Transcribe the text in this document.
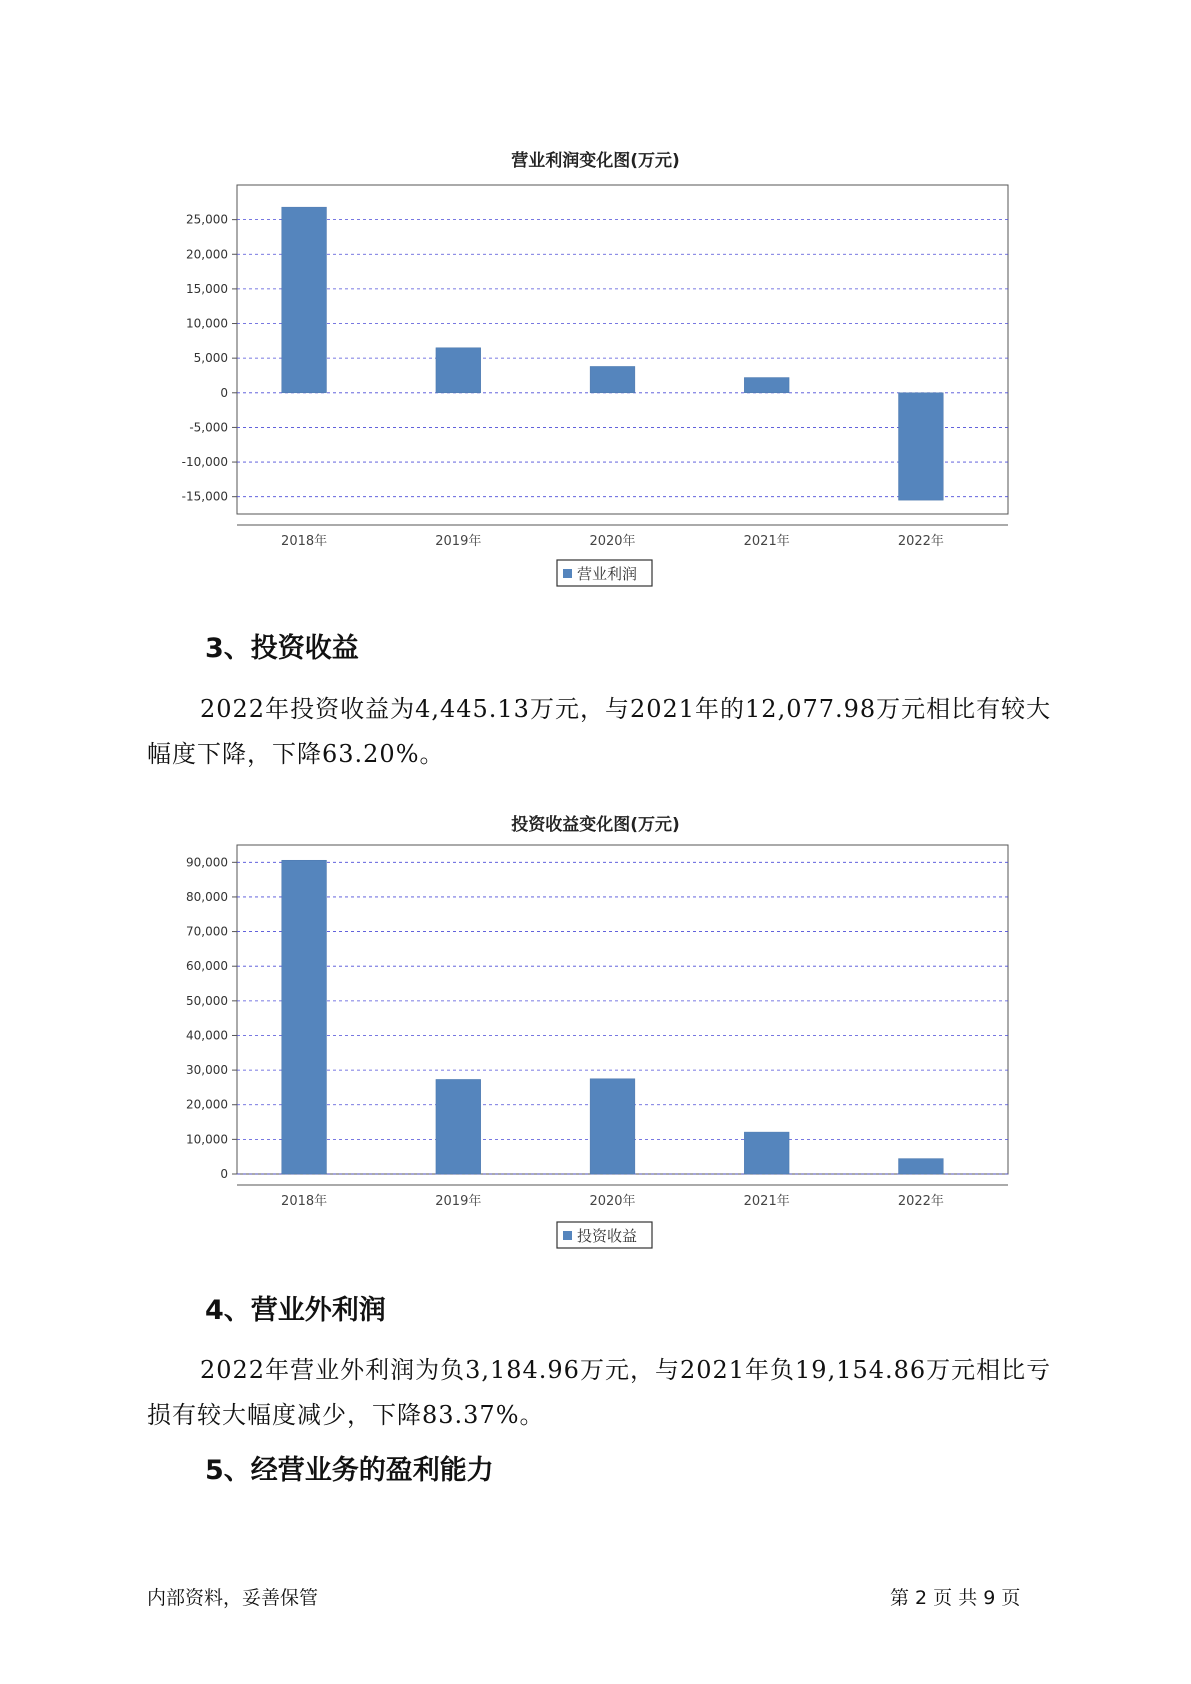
营业利润变化图(万元)
25,000
20,000
15,000
10,000
5,000
0
-5,000
-10,000
-15,000
2018年	2019年	2020年	2021年	2022年
营业利润
3、投资收益
2022年投资收益为4,445.13万元，与2021年的12,077.98万元相比有较大幅度下降，下降63.20%。
投资收益变化图(万元)
90,000
80,000
70,000
60,000
50,000
40,000
30,000
20,000
10,000
0
2018年	2019年	2020年	2021年	2022年
投资收益
4、营业外利润
2022年营业外利润为负3,184.96万元，与2021年负19,154.86万元相比亏损有较大幅度减少，下降83.37%。
5、经营业务的盈利能力
内部资料，妥善保管	第 2 页 共 9 页
